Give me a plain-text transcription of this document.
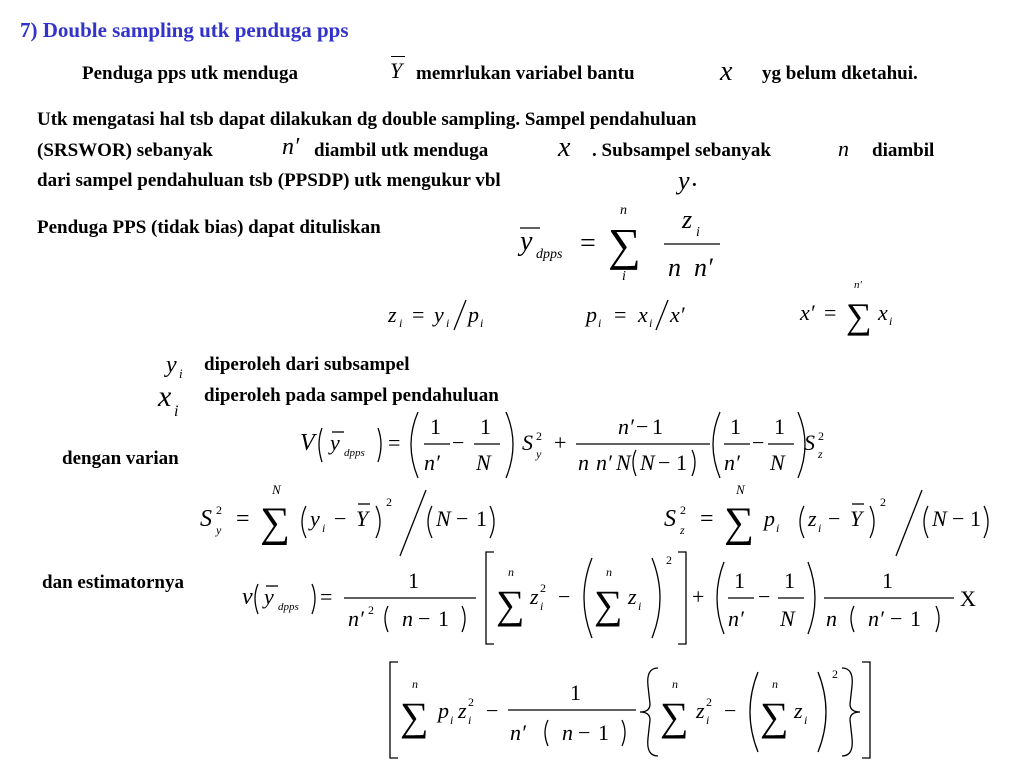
7) Double sampling utk penduga pps
Penduga pps utk menduga	Y memrlukan variabel bantu	x yg belum dketahui.
Utk mengatasi hal tsb dapat dilakukan dg double sampling. Sampel pendahuluan
(SRSWOR) sebanyak	n′ diambil utk menduga x . Subsampel sebanyak	n diambil
dari sampel pendahuluan tsb (PPSDP) utk mengukur vbl	y .
Penduga PPS (tidak bias) dapat dituliskan	y dpps = ∑
n
i
z i
n n′
z i = y i p i	p i = x i x′	x′ = ∑
n′
x i
y i diperoleh dari subsampel
x i
diperoleh pada sampel pendahuluan
dengan varian
V y dpps =
1
n′
−
1
N
S 2
y +
n′ − 1
n n′ N N − 1
1
n′
−
1
N
S 2
z
S 2
y = ∑
N
y i − Y
2
N − 1	S 2
z = ∑
N
p i z i − Y
2
N − 1
dan estimatornya
v y dpps =
1
n′ 2 n − 1 ∑
n
z 2
i − ∑
n
z i
2
+
1
n′
−
1
N
1
n n′ − 1
X
∑
n
p i z 2
i −
1
n′ n − 1 ∑
n
z 2
i − ∑
n
z i
2
